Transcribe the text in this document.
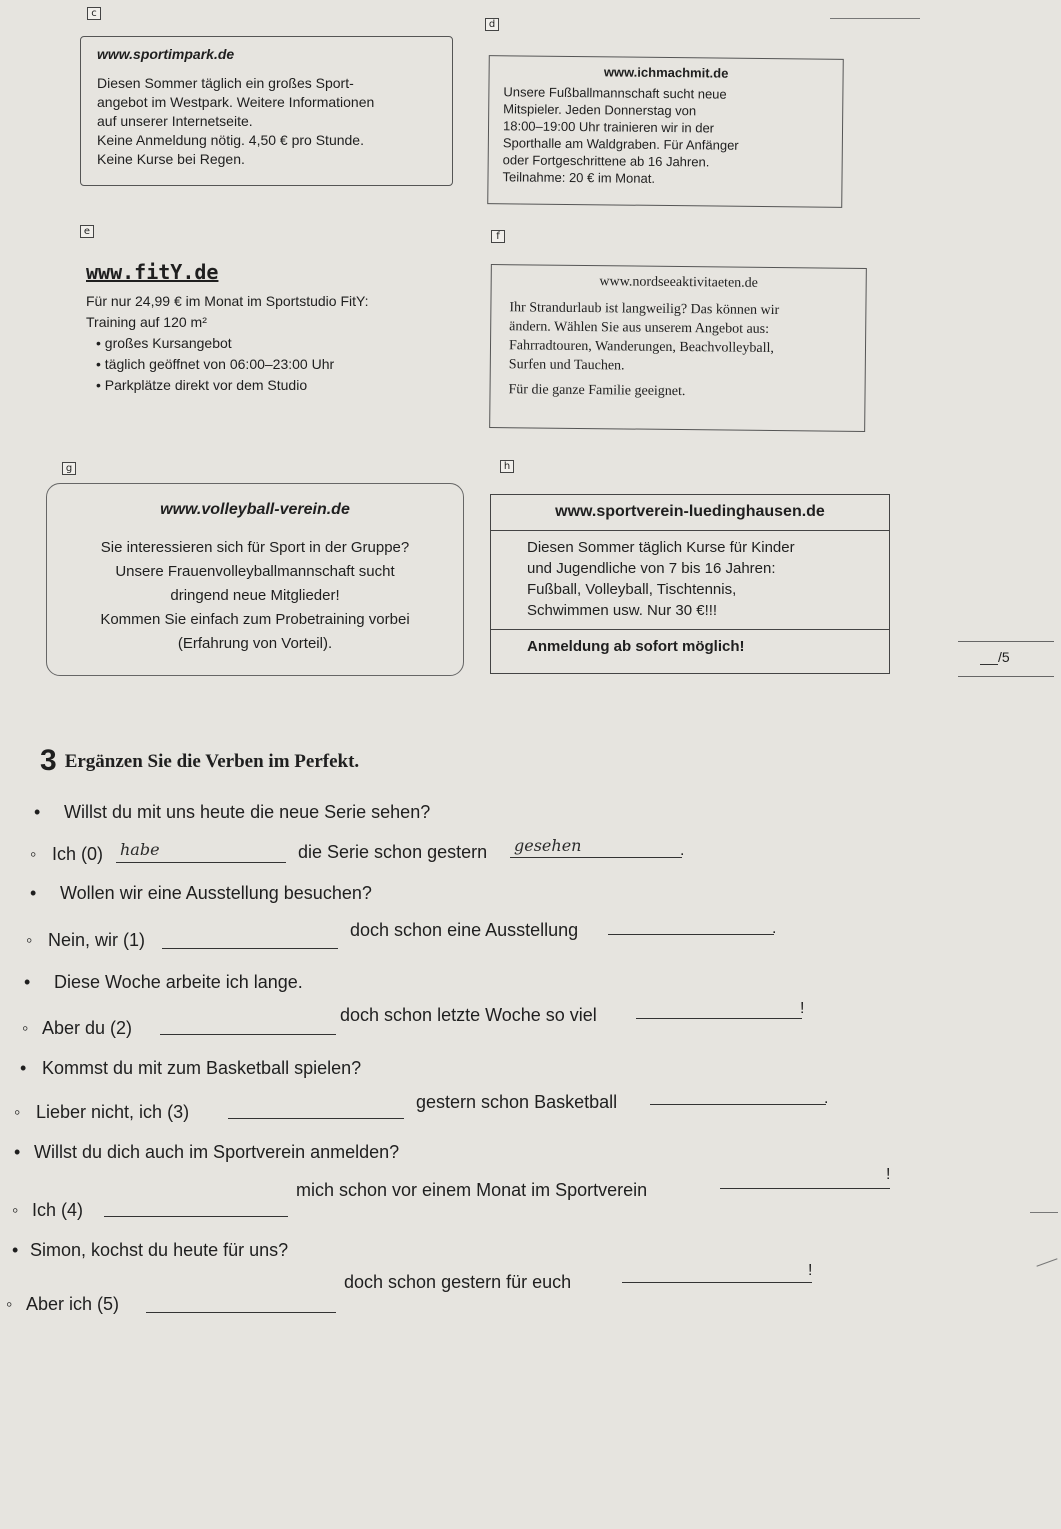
c
d
e	f
g	h
www.sportimpark.de

Diesen Sommer täglich ein großes Sport-

angebot im Westpark. Weitere Informationen

auf unserer Internetseite.

Keine Anmeldung nötig. 4,50 € pro Stunde.

Keine Kurse bei Regen.

www.ichmachmit.de

Unsere Fußballmannschaft sucht neue

Mitspieler. Jeden Donnerstag von

18:00–19:00 Uhr trainieren wir in der

Sporthalle am Waldgraben. Für Anfänger

oder Fortgeschrittene ab 16 Jahren.

Teilnahme: 20 € im Monat.

www.fitY.de

Für nur 24,99 € im Monat im Sportstudio FitY:

Training auf 120 m²

• großes Kursangebot
• täglich geöffnet von 06:00–23:00 Uhr
• Parkplätze direkt vor dem Studio
www.nordseeaktivitaeten.de

Ihr Strandurlaub ist langweilig? Das können wir

ändern. Wählen Sie aus unserem Angebot aus:

Fahrradtouren, Wanderungen, Beachvolleyball,

Surfen und Tauchen.

Für die ganze Familie geeignet.

www.volleyball-verein.de

Sie interessieren sich für Sport in der Gruppe?

Unsere Frauenvolleyballmannschaft sucht

dringend neue Mitglieder!

Kommen Sie einfach zum Probetraining vorbei

(Erfahrung von Vorteil).

www.sportverein-luedinghausen.de

Diesen Sommer täglich Kurse für Kinder

und Jugendliche von 7 bis 16 Jahren:

Fußball, Volleyball, Tischtennis,

Schwimmen usw. Nur 30 €!!!

Anmeldung ab sofort möglich!
/5
3 Ergänzen Sie die Verben im Perfekt.
• Willst du mit uns heute die neue Serie sehen?
◦ Ich (0) habe	die Serie schon gestern gesehen	.
• Wollen wir eine Ausstellung besuchen?
◦ Nein, wir (1)	doch schon eine Ausstellung	.
• Diese Woche arbeite ich lange.
◦ Aber du (2)
doch schon letzte Woche so viel	!
• Kommst du mit zum Basketball spielen?
◦ Lieber nicht, ich (3)	gestern schon Basketball	.
• Willst du dich auch im Sportverein anmelden?
◦ Ich (4)
mich schon vor einem Monat im Sportverein
!
• Simon, kochst du heute für uns?
◦ Aber ich (5)
doch schon gestern für euch
!
